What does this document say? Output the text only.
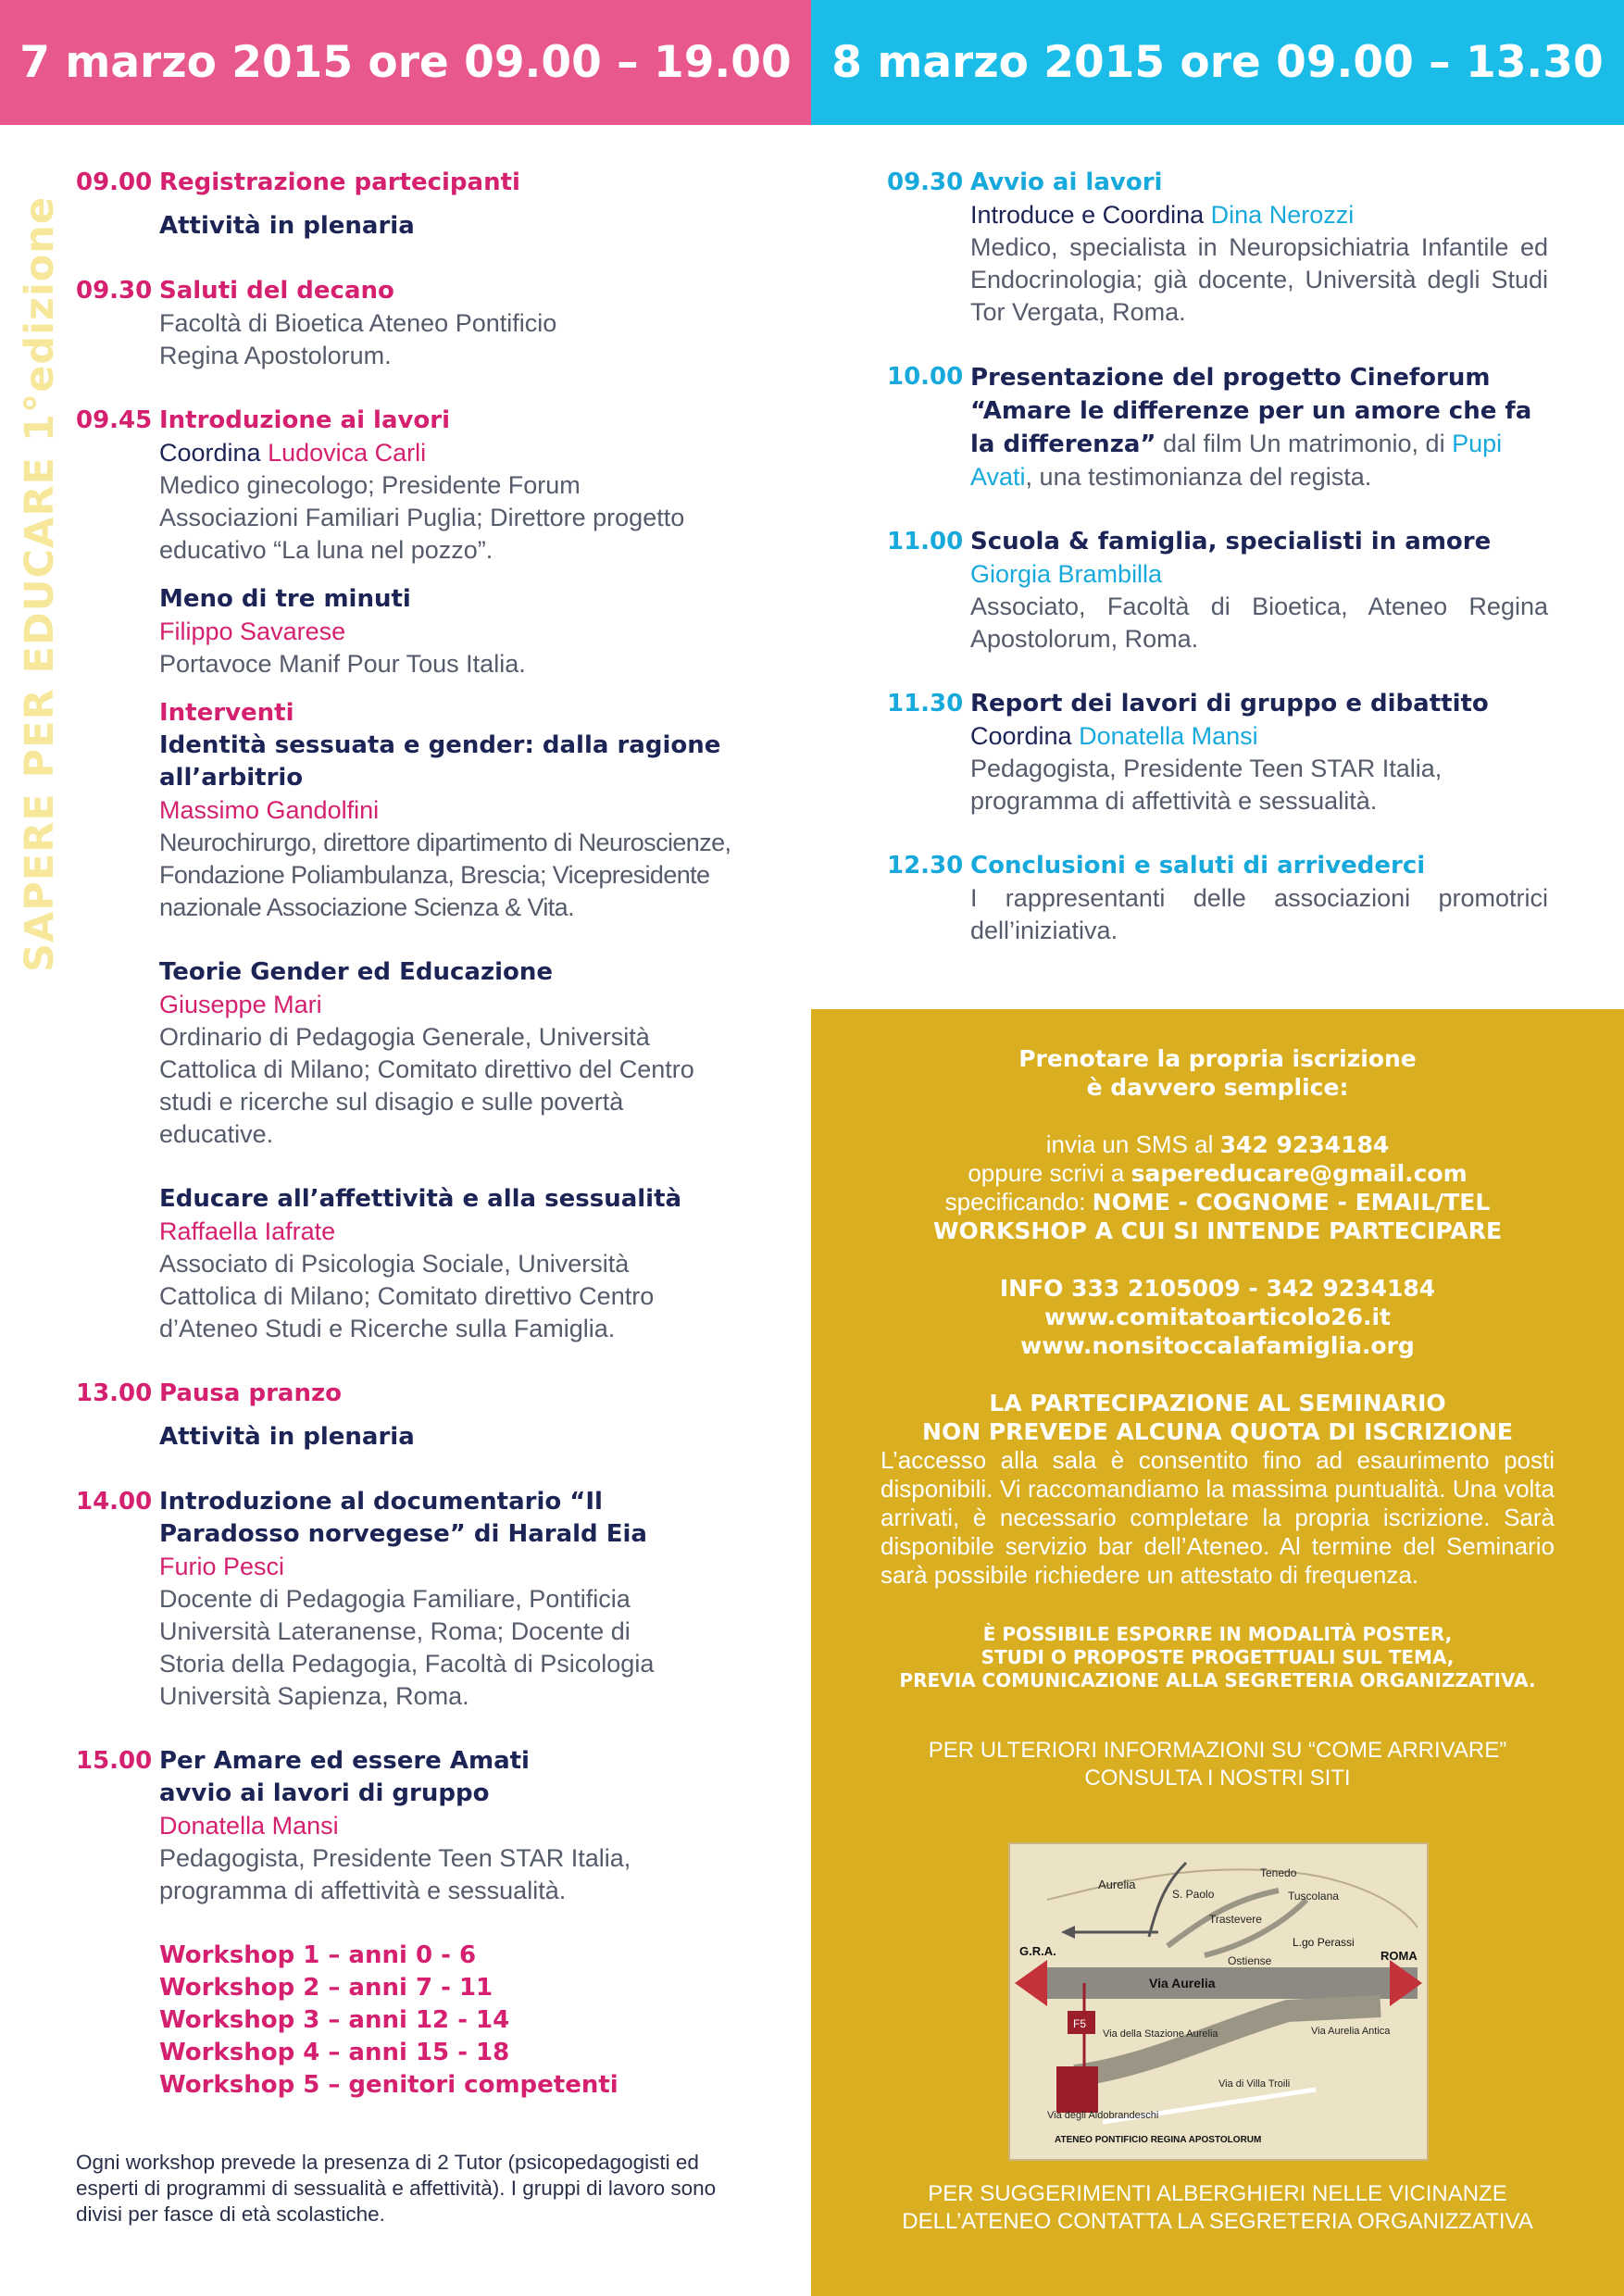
7 marzo 2015 ore 09.00 – 19.00 8 marzo 2015 ore 09.00 – 13.30
SAPERE PER EDUCARE 1°edizione
09.00 Registrazione partecipanti
Attività in plenaria
09.30 Saluti del decano
Facoltà di Bioetica Ateneo Pontificio Regina Apostolorum.
09.45 Introduzione ai lavori
Coordina Ludovica Carli
Medico ginecologo; Presidente Forum Associazioni Familiari Puglia; Direttore progetto educativo “La luna nel pozzo”.
Meno di tre minuti
Filippo Savarese
Portavoce Manif Pour Tous Italia.
Interventi
Identità sessuata e gender: dalla ragione all’arbitrio
Massimo Gandolfini
Neurochirurgo, direttore dipartimento di Neuroscienze, Fondazione Poliambulanza, Brescia; Vicepresidente nazionale Associazione Scienza & Vita.
Teorie Gender ed Educazione
Giuseppe Mari
Ordinario di Pedagogia Generale, Università Cattolica di Milano; Comitato direttivo del Centro studi e ricerche sul disagio e sulle povertà educative.
Educare all’affettività e alla sessualità
Raffaella Iafrate
Associato di Psicologia Sociale, Università Cattolica di Milano; Comitato direttivo Centro d’Ateneo Studi e Ricerche sulla Famiglia.
13.00 Pausa pranzo
Attività in plenaria
14.00 Introduzione al documentario “Il Paradosso norvegese” di Harald Eia
Furio Pesci
Docente di Pedagogia Familiare, Pontificia Università Lateranense, Roma; Docente di Storia della Pedagogia, Facoltà di Psicologia Università Sapienza, Roma.
15.00 Per Amare ed essere Amati
avvio ai lavori di gruppo
Donatella Mansi
Pedagogista, Presidente Teen STAR Italia, programma di affettività e sessualità.
Workshop 1 – anni 0 - 6
Workshop 2 – anni 7 - 11
Workshop 3 – anni 12 - 14
Workshop 4 – anni 15 - 18
Workshop 5 – genitori competenti
Ogni workshop prevede la presenza di 2 Tutor (psicopedagogisti ed esperti di programmi di sessualità e affettività). I gruppi di lavoro sono divisi per fasce di età scolastiche.
09.30 Avvio ai lavori
Introduce e Coordina Dina Nerozzi
Medico, specialista in Neuropsichiatria Infantile ed Endocrinologia; già docente, Università degli Studi Tor Vergata, Roma.
10.00 Presentazione del progetto Cineforum “Amare le differenze per un amore che fa la differenza” dal film Un matrimonio, di Pupi Avati, una testimonianza del regista.
11.00 Scuola & famiglia, specialisti in amore
Giorgia Brambilla
Associato, Facoltà di Bioetica, Ateneo Regina Apostolorum, Roma.
11.30 Report dei lavori di gruppo e dibattito
Coordina Donatella Mansi
Pedagogista, Presidente Teen STAR Italia, programma di affettività e sessualità.
12.30 Conclusioni e saluti di arrivederci
I rappresentanti delle associazioni promotrici dell’iniziativa.
Prenotare la propria iscrizione
è davvero semplice:
invia un SMS al 342 9234184
oppure scrivi a sapereducare@gmail.com
specificando: NOME - COGNOME - EMAIL/TEL
WORKSHOP A CUI SI INTENDE PARTECIPARE
INFO 333 2105009 - 342 9234184
www.comitatoarticolo26.it
www.nonsitoccalafamiglia.org
LA PARTECIPAZIONE AL SEMINARIO
NON PREVEDE ALCUNA QUOTA DI ISCRIZIONE
L’accesso alla sala è consentito fino ad esaurimento posti disponibili. Vi raccomandiamo la massima puntualità. Una volta arrivati, è necessario completare la propria iscrizione. Sarà disponibile servizio bar dell’Ateneo. Al termine del Seminario sarà possibile richiedere un attestato di frequenza.
È POSSIBILE ESPORRE IN MODALITÀ POSTER,
STUDI O PROPOSTE PROGETTUALI SUL TEMA,
PREVIA COMUNICAZIONE ALLA SEGRETERIA ORGANIZZATIVA.
PER ULTERIORI INFORMAZIONI SU “COME ARRIVARE”
CONSULTA I NOSTRI SITI
Aurelia
S. Paolo
Tenedo
Tuscolana
Trastevere
Via Aurelia
Ostiense
L.go Perassi
ROMA
G.R.A.
F5
Via della Stazione Aurelia	Via Aurelia Antica
Via degli Aldobrandeschi
Via di Villa Troili
ATENEO PONTIFICIO REGINA APOSTOLORUM
PER SUGGERIMENTI ALBERGHIERI NELLE VICINANZE
DELL’ATENEO CONTATTA LA SEGRETERIA ORGANIZZATIVA
